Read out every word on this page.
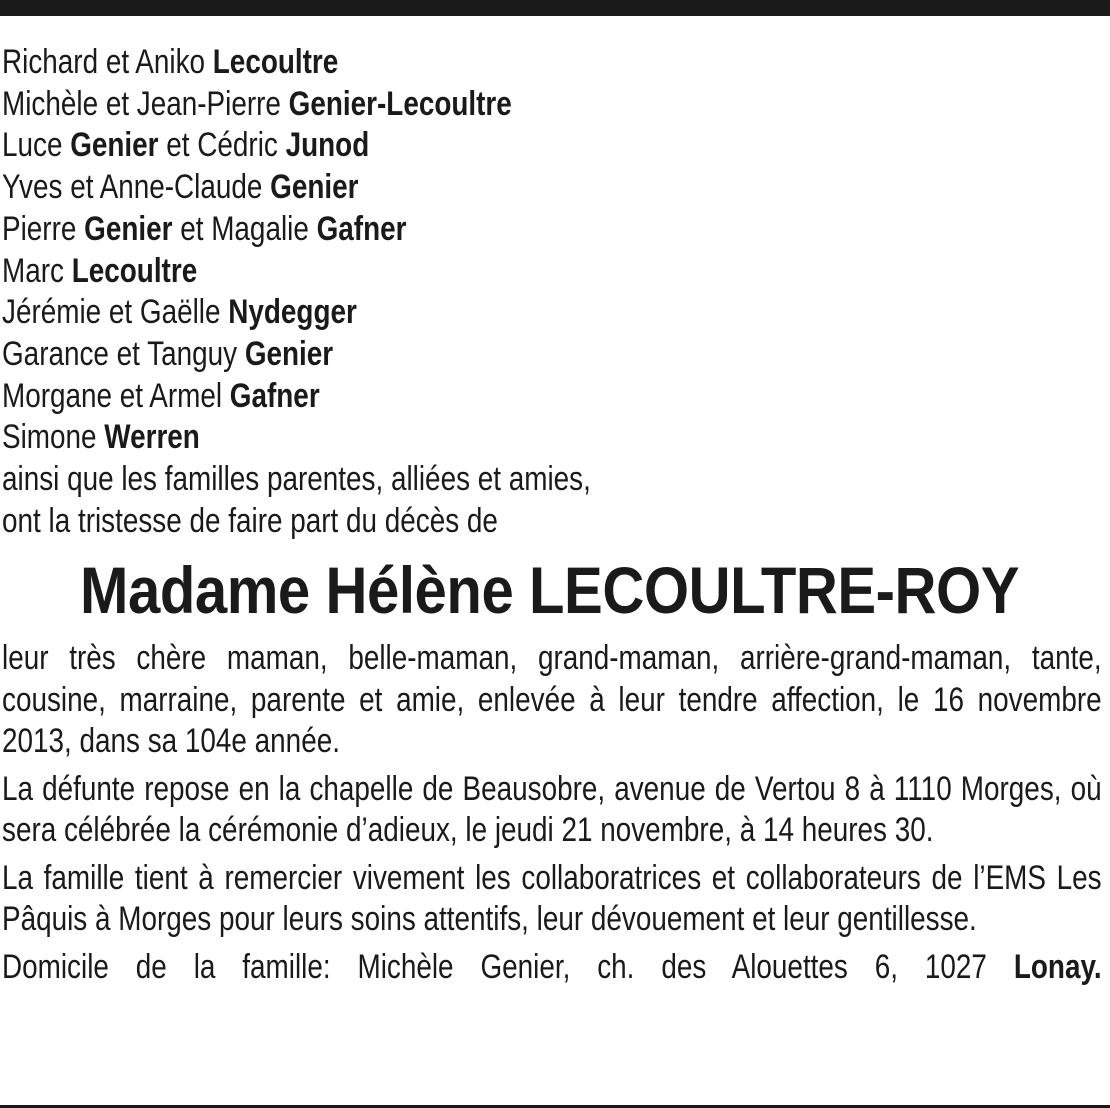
Richard et Aniko Lecoultre
Michèle et Jean-Pierre Genier-Lecoultre
Luce Genier et Cédric Junod
Yves et Anne-Claude Genier
Pierre Genier et Magalie Gafner
Marc Lecoultre
Jérémie et Gaëlle Nydegger
Garance et Tanguy Genier
Morgane et Armel Gafner
Simone Werren
ainsi que les familles parentes, alliées et amies,
ont la tristesse de faire part du décès de
Madame Hélène LECOULTRE-ROY

leur très chère maman, belle-maman, grand-maman, arrière-grand-maman, tante, cousine, marraine, parente et amie, enlevée à leur tendre affection, le 16 novembre 2013, dans sa 104e année.

La défunte repose en la chapelle de Beausobre, avenue de Vertou 8 à 1110 Morges, où sera célébrée la cérémonie d’adieux, le jeudi 21 novembre, à 14 heures 30.

La famille tient à remercier vivement les collaboratrices et collaborateurs de l’EMS Les Pâquis à Morges pour leurs soins attentifs, leur dévouement et leur gentillesse.

Domicile de la famille: Michèle Genier, ch. des Alouettes 6, 1027 Lonay.
